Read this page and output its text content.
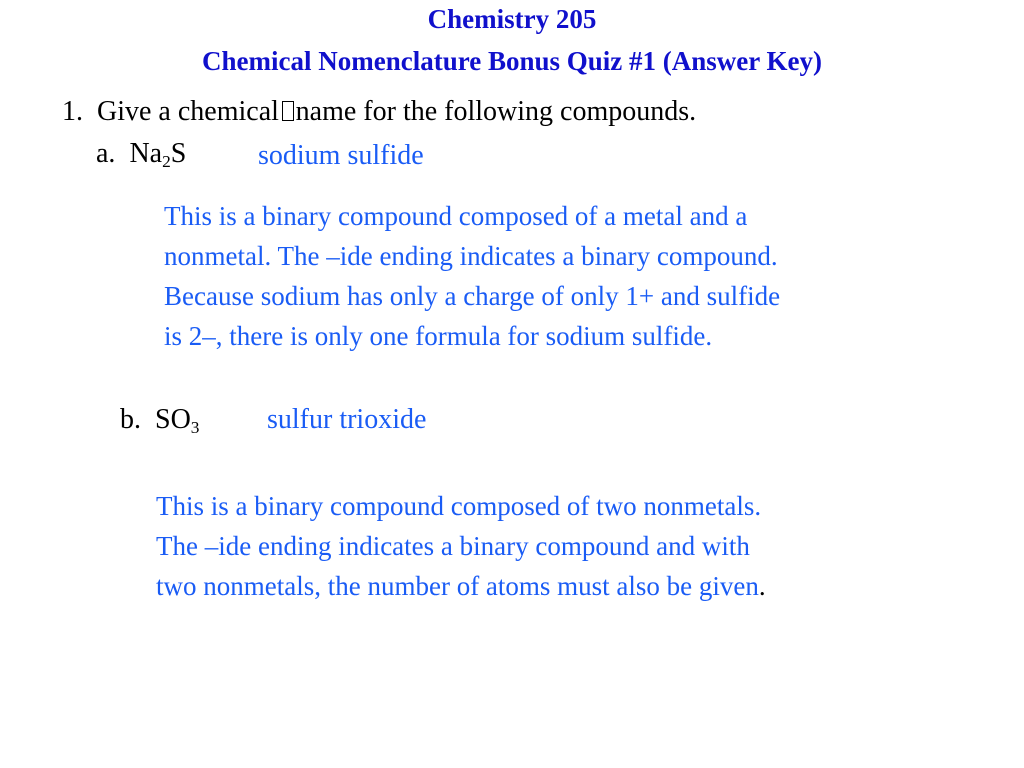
Chemistry 205
Chemical Nomenclature Bonus Quiz #1 (Answer Key)
1. Give a chemical name for the following compounds.
a. $Na_2S$	sodium sulfide
This is a binary compound composed of a metal and a
nonmetal. The –ide ending indicates a binary compound.
Because sodium has only a charge of only 1+ and sulfide
is 2–, there is only one formula for sodium sulfide.
b. $SO_3$ sulfur trioxide
This is a binary compound composed of two nonmetals.
The –ide ending indicates a binary compound and with
two nonmetals, the number of atoms must also be given.
